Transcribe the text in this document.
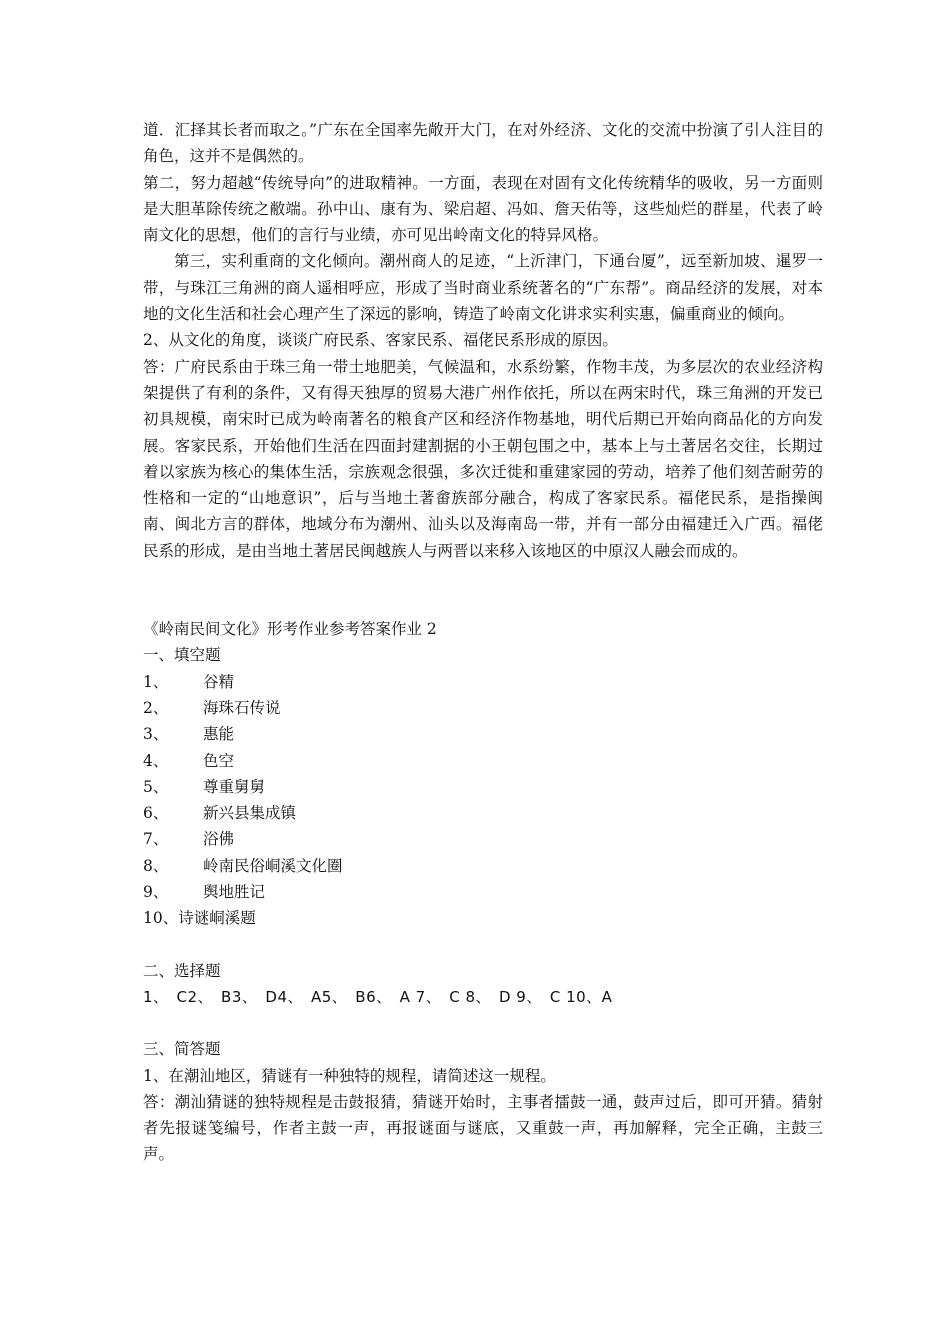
道．汇择其长者而取之。”广东在全国率先敞开大门，在对外经济、文化的交流中扮演了引人注目的角色，这并不是偶然的。

第二，努力超越“传统导向”的进取精神。一方面，表现在对固有文化传统精华的吸收，另一方面则是大胆革除传统之敝端。孙中山、康有为、梁启超、冯如、詹天佑等，这些灿烂的群星，代表了岭南文化的思想，他们的言行与业绩，亦可见出岭南文化的特异风格。

第三，实利重商的文化倾向。潮州商人的足迹，“上沂津门，下通台厦”，远至新加坡、暹罗一带，与珠江三角洲的商人遥相呼应，形成了当时商业系统著名的“广东帮”。商品经济的发展，对本地的文化生活和社会心理产生了深远的影响，铸造了岭南文化讲求实利实惠，偏重商业的倾向。

2、从文化的角度，谈谈广府民系、客家民系、福佬民系形成的原因。

答：广府民系由于珠三角一带土地肥美，气候温和，水系纷繁，作物丰茂，为多层次的农业经济构架提供了有利的条件，又有得天独厚的贸易大港广州作依托，所以在两宋时代，珠三角洲的开发已初具规模，南宋时已成为岭南著名的粮食产区和经济作物基地，明代后期已开始向商品化的方向发展。客家民系，开始他们生活在四面封建割据的小王朝包围之中，基本上与土著居名交往，长期过着以家族为核心的集体生活，宗族观念很强，多次迁徙和重建家园的劳动，培养了他们刻苦耐劳的性格和一定的“山地意识”，后与当地土著畲族部分融合，构成了客家民系。福佬民系，是指操闽南、闽北方言的群体，地域分布为潮州、汕头以及海南岛一带，并有一部分由福建迁入广西。福佬民系的形成，是由当地土著居民闽越族人与两晋以来移入该地区的中原汉人融会而成的。

《岭南民间文化》形考作业参考答案作业 2

一、填空题

1、	谷精
2、	海珠石传说
3、	惠能
4、	色空
5、	尊重舅舅
6、	新兴县集成镇
7、	浴佛
8、	岭南民俗峒溪文化圈
9、	舆地胜记

10、诗谜峒溪题

二、选择题

1、　C2、　B3、　D4、　A5、　B6、　A 7、　C 8、　D 9、　C 10、A

三、简答题

1、在潮汕地区，猜谜有一种独特的规程，请简述这一规程。

答：潮汕猜谜的独特规程是击鼓报猜，猜谜开始时，主事者擂鼓一通，鼓声过后，即可开猜。猜射者先报谜笺编号，作者主鼓一声，再报谜面与谜底，又重鼓一声，再加解释，完全正确，主鼓三声。
